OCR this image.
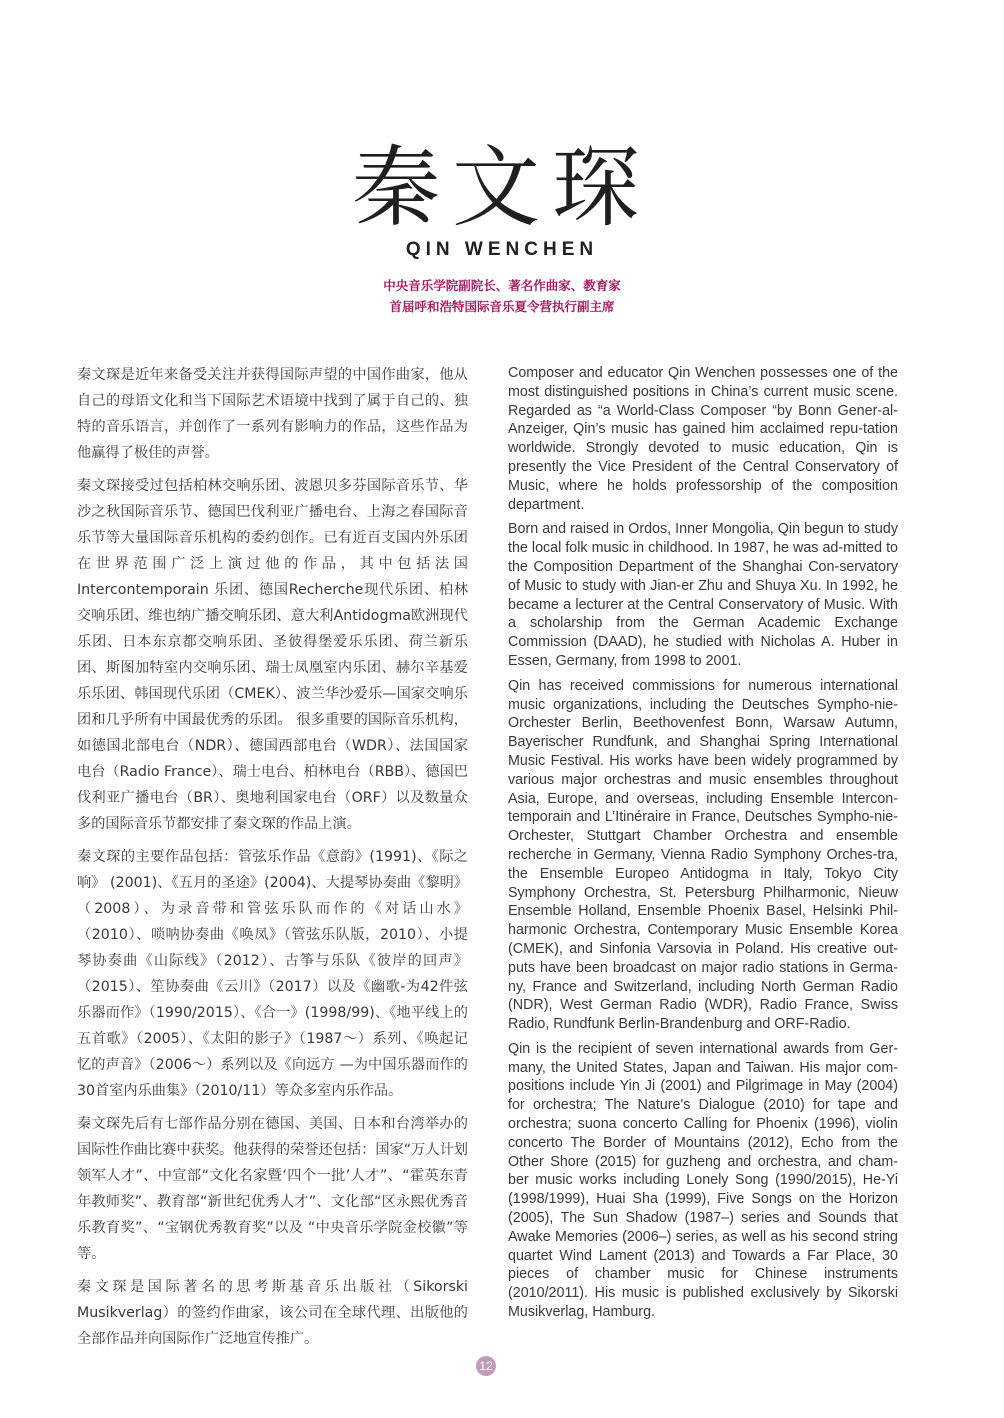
秦文琛
QIN WENCHEN
中央音乐学院副院长、著名作曲家、教育家
首届呼和浩特国际音乐夏令营执行副主席

秦文琛是近年来备受关注并获得国际声望的中国作曲家，他从自己的母语文化和当下国际艺术语境中找到了属于自己的、独特的音乐语言，并创作了一系列有影响力的作品，这些作品为他赢得了极佳的声誉。

秦文琛接受过包括柏林交响乐团、波恩贝多芬国际音乐节、华沙之秋国际音乐节、德国巴伐利亚广播电台、上海之春国际音乐节等大量国际音乐机构的委约创作。已有近百支国内外乐团在世界范围广泛上演过他的作品，其中包括法国Intercontemporain 乐团、德国Recherche现代乐团、柏林交响乐团、维也纳广播交响乐团、意大利Antidogma欧洲现代乐团、日本东京都交响乐团、圣彼得堡爱乐乐团、荷兰新乐团、斯图加特室内交响乐团、瑞士凤凰室内乐团、赫尔辛基爱乐乐团、韩国现代乐团（CMEK）、波兰华沙爱乐—国家交响乐团和几乎所有中国最优秀的乐团。 很多重要的国际音乐机构，如德国北部电台（NDR）、德国西部电台（WDR）、法国国家电台（Radio France）、瑞士电台、柏林电台（RBB）、德国巴伐利亚广播电台（BR）、奥地利国家电台（ORF）以及数量众多的国际音乐节都安排了秦文琛的作品上演。

秦文琛的主要作品包括：管弦乐作品《意韵》(1991)、《际之响》 (2001)、《五月的圣途》(2004)、大提琴协奏曲《黎明》（2008）、为录音带和管弦乐队而作的《对话山水》（2010）、唢呐协奏曲《唤凤》（管弦乐队版，2010）、小提琴协奏曲《山际线》（2012）、古筝与乐队《彼岸的回声》（2015）、笙协奏曲《云川》（2017）以及《幽歌-为42件弦乐器而作》（1990/2015）、《合一》(1998/99)、《地平线上的五首歌》（2005）、《太阳的影子》（1987～）系列、《唤起记忆的声音》（2006～）系列以及《向远方 —为中国乐器而作的30首室内乐曲集》（2010/11）等众多室内乐作品。

秦文琛先后有七部作品分别在德国、美国、日本和台湾举办的国际性作曲比赛中获奖。他获得的荣誉还包括：国家“万人计划领军人才”、中宣部“文化名家暨‘四个一批’人才”、“霍英东青年教师奖”、教育部“新世纪优秀人才”、文化部“区永熙优秀音乐教育奖”、“宝钢优秀教育奖”以及 “中央音乐学院金校徽”等等。

秦文琛是国际著名的思考斯基音乐出版社（Sikorski Musikverlag）的签约作曲家，该公司在全球代理、出版他的全部作品并向国际作广泛地宣传推广。

Composer and educator Qin Wenchen possesses one of the most distinguished positions in China’s current music scene. Regarded as “a World-Class Composer “by Bonn Gener-al-Anzeiger, Qin’s music has gained him acclaimed repu-tation worldwide. Strongly devoted to music education, Qin is presently the Vice President of the Central Conservatory of Music, where he holds professorship of the composition department.

Born and raised in Ordos, Inner Mongolia, Qin begun to study the local folk music in childhood. In 1987, he was ad-mitted to the Composition Department of the Shanghai Con-servatory of Music to study with Jian-er Zhu and Shuya Xu. In 1992, he became a lecturer at the Central Conservatory of Music. With a scholarship from the German Academic Exchange Commission (DAAD), he studied with Nicholas A. Huber in Essen, Germany, from 1998 to 2001.

Qin has received commissions for numerous international music organizations, including the Deutsches Sympho-nie-Orchester Berlin, Beethovenfest Bonn, Warsaw Autumn, Bayerischer Rundfunk, and Shanghai Spring International Music Festival. His works have been widely programmed by various major orchestras and music ensembles throughout Asia, Europe, and overseas, including Ensemble Intercon-temporain and L’Itinéraire in France, Deutsches Sympho-nie-Orchester, Stuttgart Chamber Orchestra and ensemble recherche in Germany, Vienna Radio Symphony Orches-tra, the Ensemble Europeo Antidogma in Italy, Tokyo City Symphony Orchestra, St. Petersburg Philharmonic, Nieuw Ensemble Holland, Ensemble Phoenix Basel, Helsinki Phil-harmonic Orchestra, Contemporary Music Ensemble Korea (CMEK), and Sinfonia Varsovia in Poland. His creative out-puts have been broadcast on major radio stations in Germa-ny, France and Switzerland, including North German Radio (NDR), West German Radio (WDR), Radio France, Swiss Radio, Rundfunk Berlin-Brandenburg and ORF-Radio.

Qin is the recipient of seven international awards from Ger-many, the United States, Japan and Taiwan. His major com-positions include Yin Ji (2001) and Pilgrimage in May (2004) for orchestra; The Nature's Dialogue (2010) for tape and orchestra; suona concerto Calling for Phoenix (1996), violin concerto The Border of Mountains (2012), Echo from the Other Shore (2015) for guzheng and orchestra, and cham-ber music works including Lonely Song (1990/2015), He-Yi (1998/1999), Huai Sha (1999), Five Songs on the Horizon (2005), The Sun Shadow (1987–) series and Sounds that Awake Memories (2006–) series, as well as his second string quartet Wind Lament (2013) and Towards a Far Place, 30 pieces of chamber music for Chinese instruments (2010/2011). His music is published exclusively by Sikorski Musikverlag, Hamburg.

12
